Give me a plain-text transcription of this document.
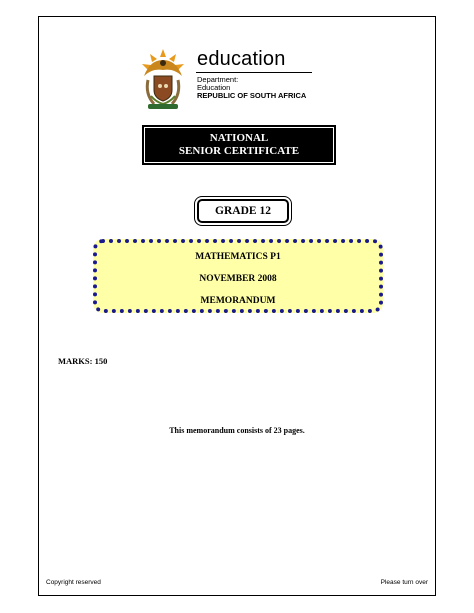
education
Department:
Education
REPUBLIC OF SOUTH AFRICA
NATIONAL
SENIOR CERTIFICATE
GRADE 12
MATHEMATICS P1
NOVEMBER 2008
MEMORANDUM
MARKS: 150
This memorandum consists of 23 pages.
Copyright reserved	Please turn over
